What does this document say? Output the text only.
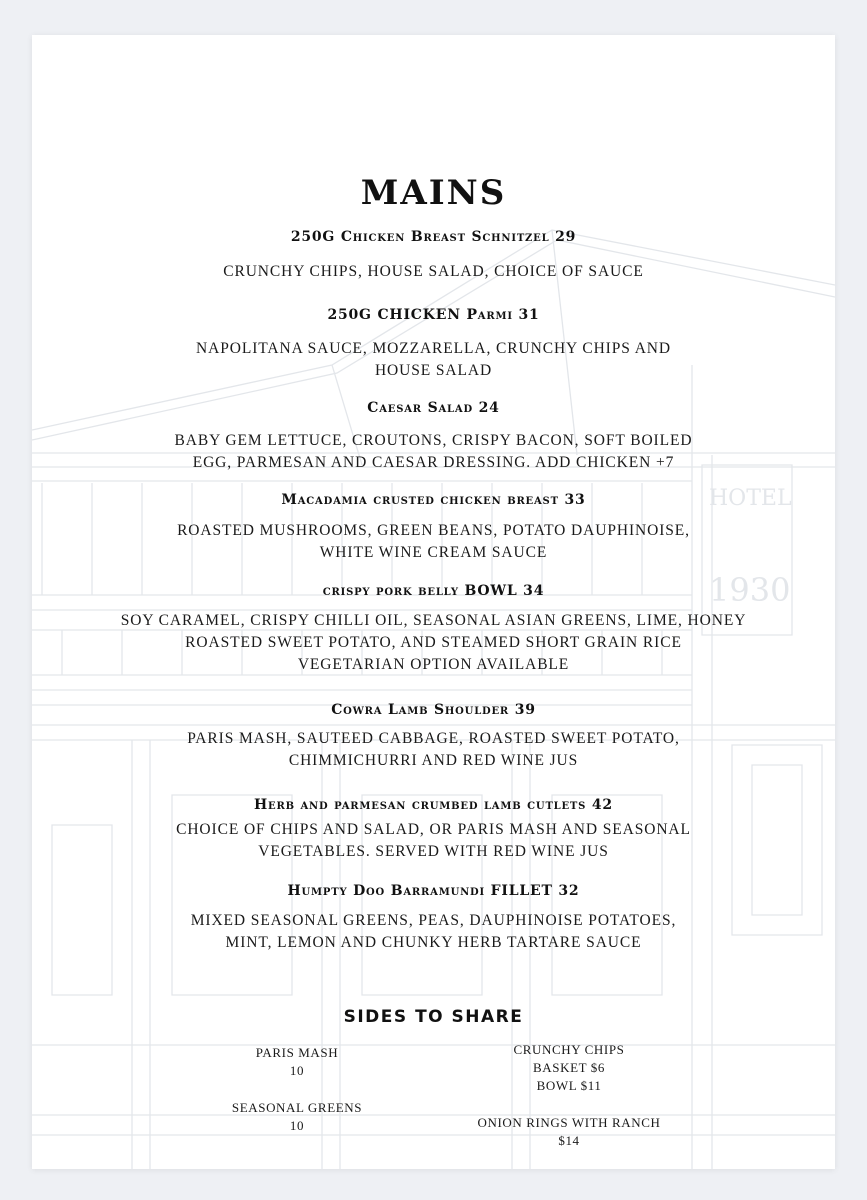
HOTEL
1930
MAINS
250G Chicken Breast Schnitzel 29
CRUNCHY CHIPS, HOUSE SALAD, CHOICE OF SAUCE
250G CHICKEN Parmi 31
NAPOLITANA SAUCE, MOZZARELLA, CRUNCHY CHIPS AND
HOUSE SALAD
Caesar Salad 24
BABY GEM LETTUCE, CROUTONS, CRISPY BACON, SOFT BOILED
EGG, PARMESAN AND CAESAR DRESSING. ADD CHICKEN +7
Macadamia crusted chicken breast 33
ROASTED MUSHROOMS, GREEN BEANS, POTATO DAUPHINOISE,
WHITE WINE CREAM SAUCE
crispy pork belly BOWL 34
SOY CARAMEL, CRISPY CHILLI OIL, SEASONAL ASIAN GREENS, LIME, HONEY
ROASTED SWEET POTATO, AND STEAMED SHORT GRAIN RICE
VEGETARIAN OPTION AVAILABLE
Cowra Lamb Shoulder 39
PARIS MASH, SAUTEED CABBAGE, ROASTED SWEET POTATO,
CHIMMICHURRI AND RED WINE JUS
Herb and parmesan crumbed lamb cutlets 42
CHOICE OF CHIPS AND SALAD, OR PARIS MASH AND SEASONAL
VEGETABLES. SERVED WITH RED WINE JUS
Humpty Doo Barramundi FILLET 32
MIXED SEASONAL GREENS, PEAS, DAUPHINOISE POTATOES,
MINT, LEMON AND CHUNKY HERB TARTARE SAUCE
SIDES TO SHARE
PARIS MASH
10
CRUNCHY CHIPS
BASKET $6
BOWL $11
SEASONAL GREENS
10	ONION RINGS WITH RANCH
$14
